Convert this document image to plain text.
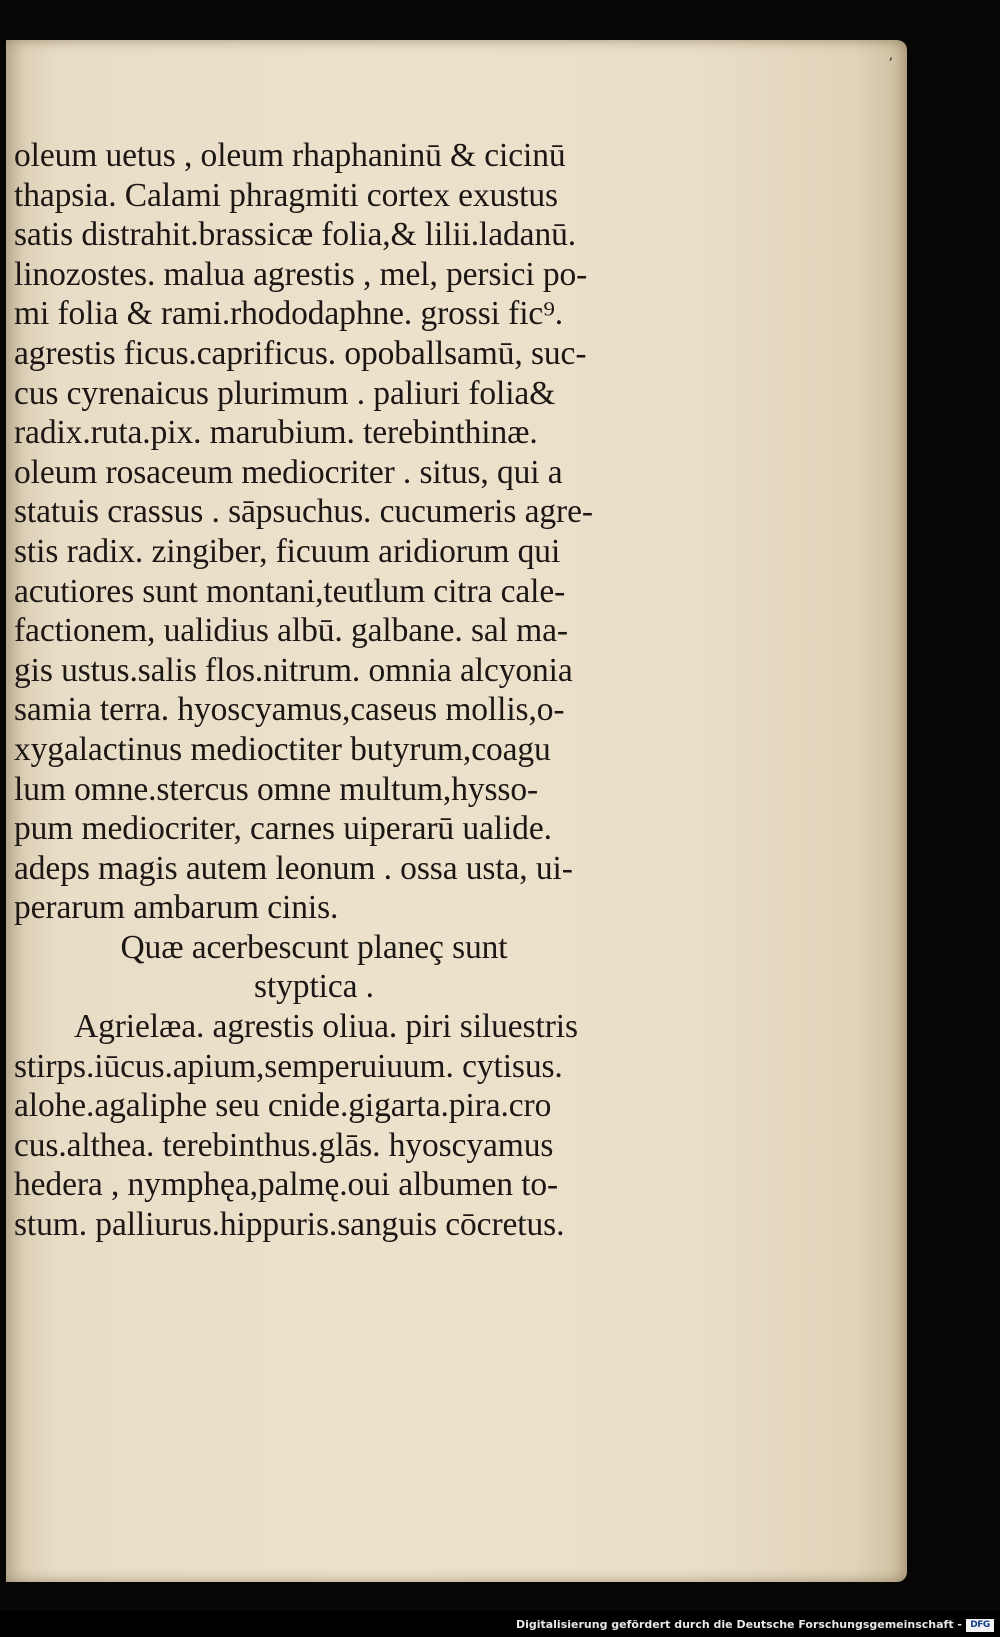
’
oleum uetus , oleum rhaphaninū & cicinū
thapsia. Calami phragmiti cortex exustus
satis distrahit.brassicæ folia,& lilii.ladanū.
linozostes. malua agrestis , mel, persici po‐
mi folia & rami.rhododaphne. grossi fic⁹.
agrestis ficus.caprificus. opoballsamū, suc‐
cus cyrenaicus plurimum . paliuri folia&
radix.ruta.pix. marubium. terebinthinæ.
oleum rosaceum mediocriter . situs, qui a
statuis crassus . sāpsuchus. cucumeris agre‐
stis radix. zingiber, ficuum aridiorum qui
acutiores sunt montani,teutlum citra cale‐
factionem, ualidius albū. galbane. sal ma‐
gis ustus.salis flos.nitrum. omnia alcyonia
samia terra. hyoscyamus,caseus mollis,o‐
xygalactinus medioctiter butyrum,coagu
lum omne.stercus omne multum,hysso‐
pum mediocriter, carnes uiperarū ualide.
adeps magis autem leonum . ossa usta, ui‐
perarum ambarum cinis.
Quæ acerbescunt planeç sunt
styptica .
Agrielæa. agrestis oliua. piri siluestris
stirps.iūcus.apium,semperuiuum. cytisus.
alohe.agaliphe seu cnide.gigarta.pira.cro
cus.althea. terebinthus.glās. hyoscyamus
hedera , nymphęa,palmę.oui albumen to‐
stum. palliurus.hippuris.sanguis cōcretus.
Digitalisierung gefördert durch die Deutsche Forschungsgemeinschaft - DFG
